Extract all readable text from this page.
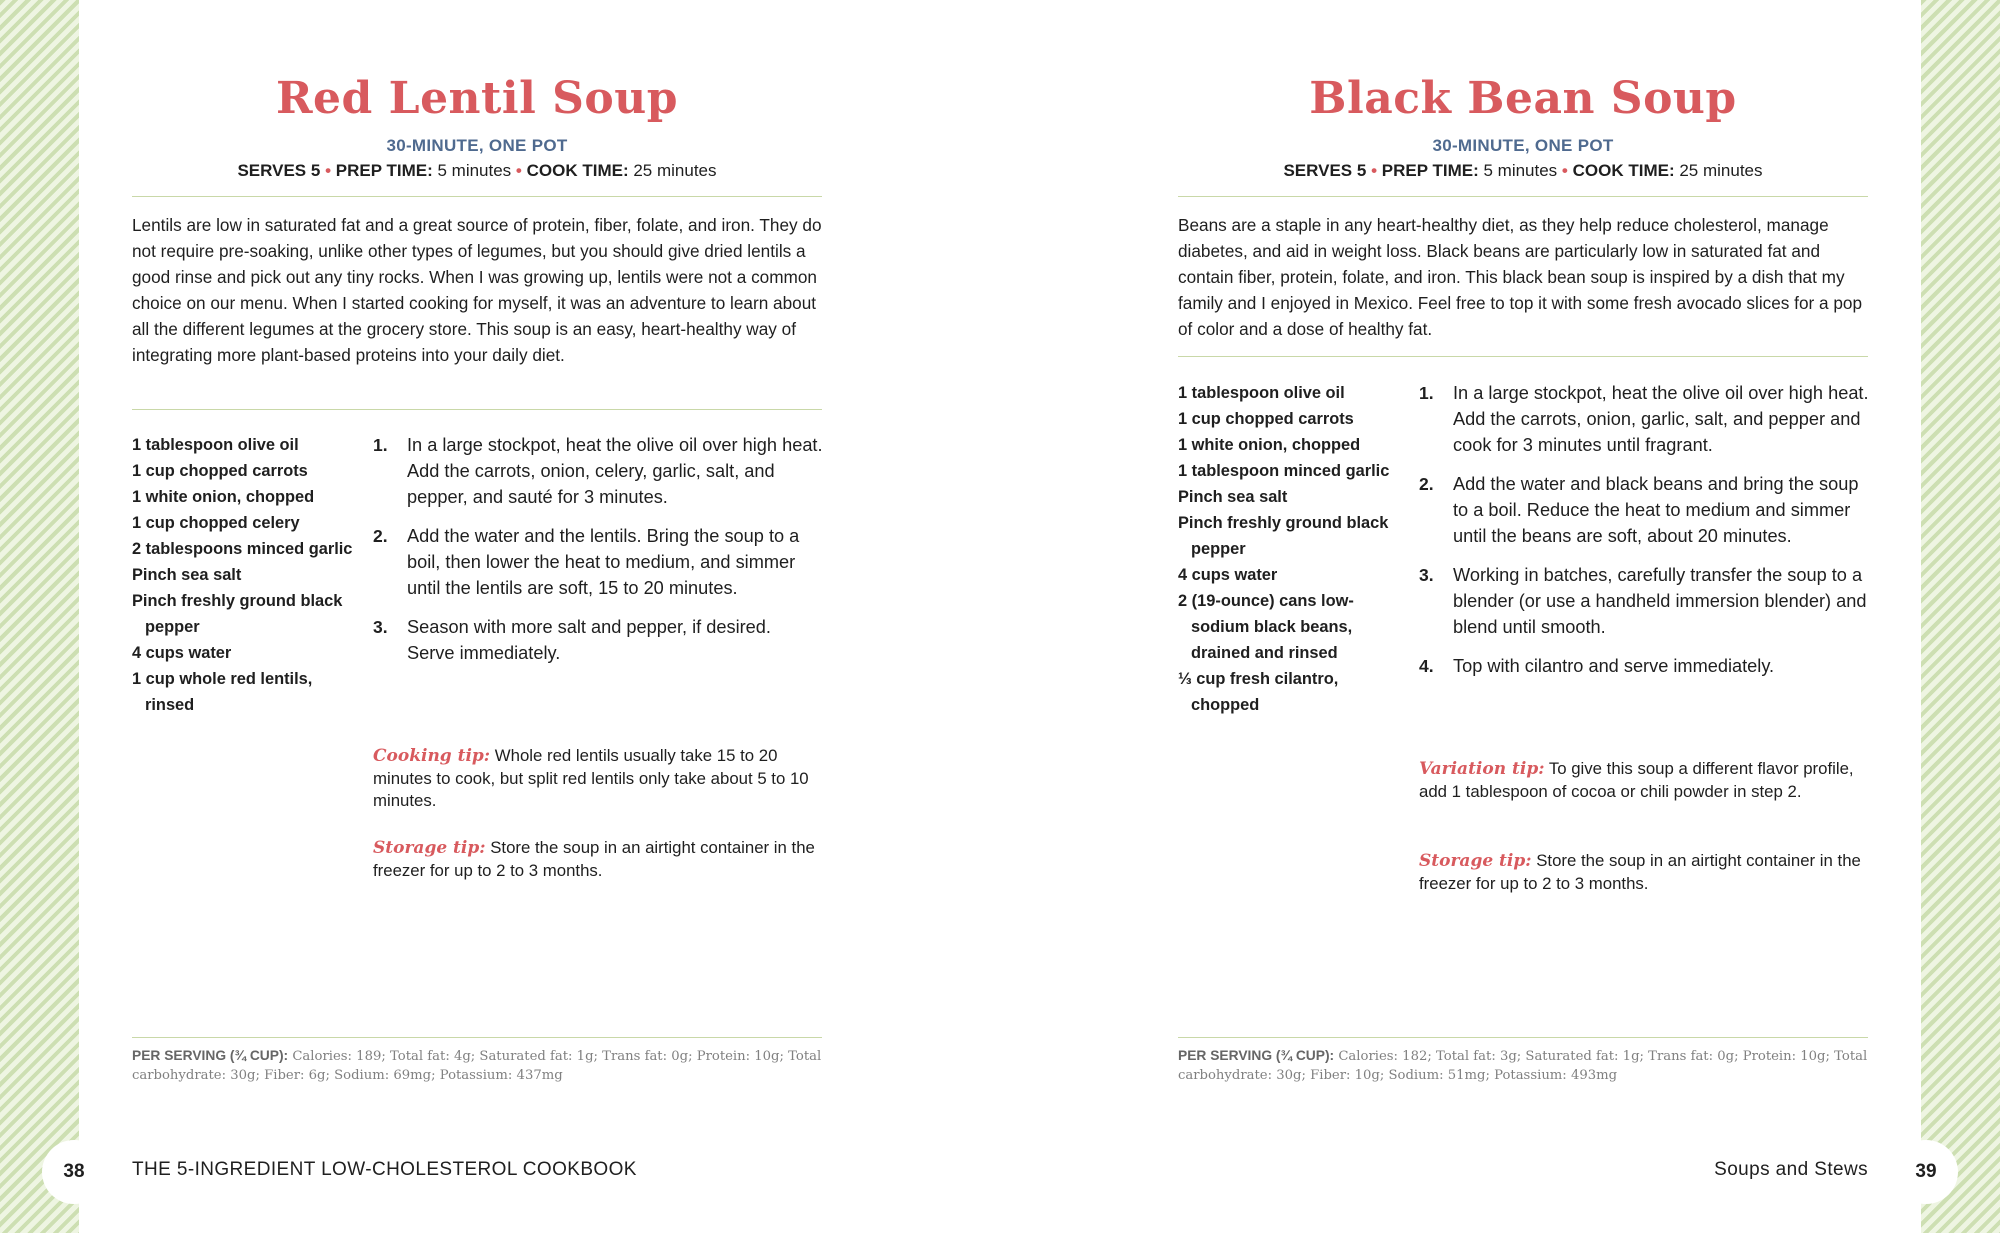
Red Lentil Soup
30-MINUTE, ONE POT
SERVES 5 • PREP TIME: 5 minutes • COOK TIME: 25 minutes

Lentils are low in saturated fat and a great source of protein, fiber, folate, and iron. They do not require pre-soaking, unlike other types of legumes, but you should give dried lentils a good rinse and pick out any tiny rocks. When I was growing up, lentils were not a common choice on our menu. When I started cooking for myself, it was an adventure to learn about all the different legumes at the grocery store. This soup is an easy, heart-healthy way of integrating more plant-based proteins into your daily diet.

1 tablespoon olive oil
1 cup chopped carrots
1 white onion, chopped
1 cup chopped celery
2 tablespoons minced garlic
Pinch sea salt
Pinch freshly ground black pepper
4 cups water
1 cup whole red lentils, rinsed
1. In a large stockpot, heat the olive oil over high heat. Add the carrots, onion, celery, garlic, salt, and pepper, and sauté for 3 minutes.
2. Add the water and the lentils. Bring the soup to a boil, then lower the heat to medium, and simmer until the lentils are soft, 15 to 20 minutes.
3. Season with more salt and pepper, if desired. Serve immediately.

Cooking tip: Whole red lentils usually take 15 to 20 minutes to cook, but split red lentils only take about 5 to 10 minutes.

Storage tip: Store the soup in an airtight container in the freezer for up to 2 to 3 months.

PER SERVING (¾ CUP): Calories: 189; Total fat: 4g; Saturated fat: 1g; Trans fat: 0g; Protein: 10g; Total carbohydrate: 30g; Fiber: 6g; Sodium: 69mg; Potassium: 437mg

Black Bean Soup
30-MINUTE, ONE POT
SERVES 5 • PREP TIME: 5 minutes • COOK TIME: 25 minutes

Beans are a staple in any heart-healthy diet, as they help reduce cholesterol, manage diabetes, and aid in weight loss. Black beans are particularly low in saturated fat and contain fiber, protein, folate, and iron. This black bean soup is inspired by a dish that my family and I enjoyed in Mexico. Feel free to top it with some fresh avocado slices for a pop of color and a dose of healthy fat.

1 tablespoon olive oil
1 cup chopped carrots
1 white onion, chopped
1 tablespoon minced garlic
Pinch sea salt
Pinch freshly ground black pepper
4 cups water
2 (19-ounce) cans low-sodium black beans, drained and rinsed
⅓ cup fresh cilantro, chopped
1. In a large stockpot, heat the olive oil over high heat. Add the carrots, onion, garlic, salt, and pepper and cook for 3 minutes until fragrant.
2. Add the water and black beans and bring the soup to a boil. Reduce the heat to medium and simmer until the beans are soft, about 20 minutes.
3. Working in batches, carefully transfer the soup to a blender (or use a handheld immersion blender) and blend until smooth.
4. Top with cilantro and serve immediately.

Variation tip: To give this soup a different flavor profile, add 1 tablespoon of cocoa or chili powder in step 2.

Storage tip: Store the soup in an airtight container in the freezer for up to 2 to 3 months.

PER SERVING (¾ CUP): Calories: 182; Total fat: 3g; Saturated fat: 1g; Trans fat: 0g; Protein: 10g; Total carbohydrate: 30g; Fiber: 10g; Sodium: 51mg; Potassium: 493mg

38	THE 5-INGREDIENT LOW-CHOLESTEROL COOKBOOK	Soups and Stews	39
